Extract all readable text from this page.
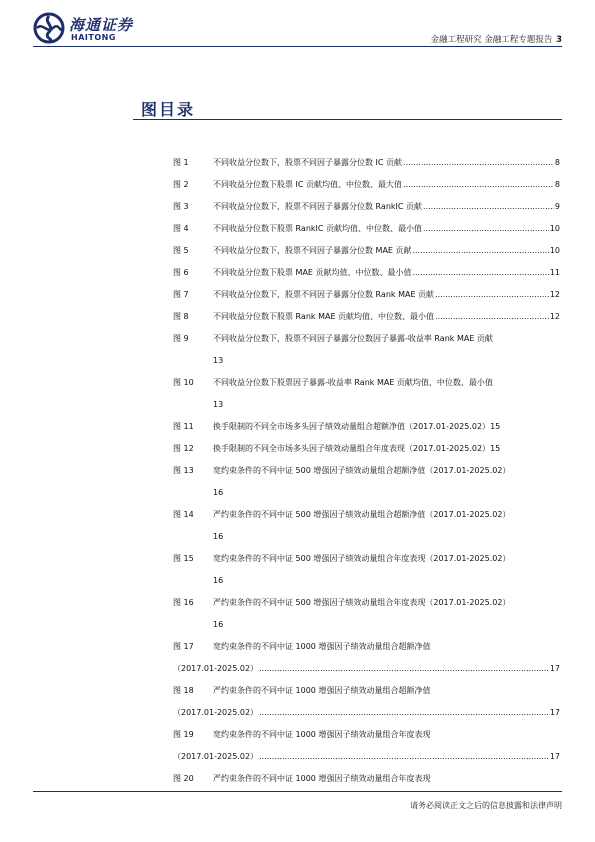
海通证券
HAITONG	金融工程研究 金融工程专题报告 3
图目录
图 1	不同收益分位数下，股票不同因子暴露分位数 IC 贡献 .....	8
图 2	不同收益分位数下股票 IC 贡献均值、中位数、最大值 .....	8
图 3	不同收益分位数下，股票不同因子暴露分位数 RankIC 贡献 .....	9
图 4	不同收益分位数下股票 RankIC 贡献均值、中位数、最小值 .....	10
图 5	不同收益分位数下，股票不同因子暴露分位数 MAE 贡献 .....	10
图 6	不同收益分位数下股票 MAE 贡献均值、中位数、最小值 .....	11
图 7	不同收益分位数下，股票不同因子暴露分位数 Rank MAE 贡献 .....	12
图 8	不同收益分位数下股票 Rank MAE 贡献均值、中位数、最小值 .....	12
图 9	不同收益分位数下，股票不同因子暴露分位数因子暴露-收益率 Rank MAE 贡献
13
图 10	不同收益分位数下股票因子暴露-收益率 Rank MAE 贡献均值、中位数、最小值
13
图 11	换手限制的不同全市场多头因子绩效动量组合超额净值（2017.01-2025.02） 15
图 12	换手限制的不同全市场多头因子绩效动量组合年度表现（2017.01-2025.02） 15
图 13	宽约束条件的不同中证 500 增强因子绩效动量组合超额净值（2017.01-2025.02）
16
图 14	严约束条件的不同中证 500 增强因子绩效动量组合超额净值（2017.01-2025.02）
16
图 15	宽约束条件的不同中证 500 增强因子绩效动量组合年度表现（2017.01-2025.02）
16
图 16	严约束条件的不同中证 500 增强因子绩效动量组合年度表现（2017.01-2025.02）
16
图 17	宽约束条件的不同中证 1000 增强因子绩效动量组合超额净值
（2017.01-2025.02） .....	17
图 18	严约束条件的不同中证 1000 增强因子绩效动量组合超额净值
（2017.01-2025.02） .....	17
图 19	宽约束条件的不同中证 1000 增强因子绩效动量组合年度表现
（2017.01-2025.02） .....	17
图 20	严约束条件的不同中证 1000 增强因子绩效动量组合年度表现
请务必阅读正文之后的信息披露和法律声明
